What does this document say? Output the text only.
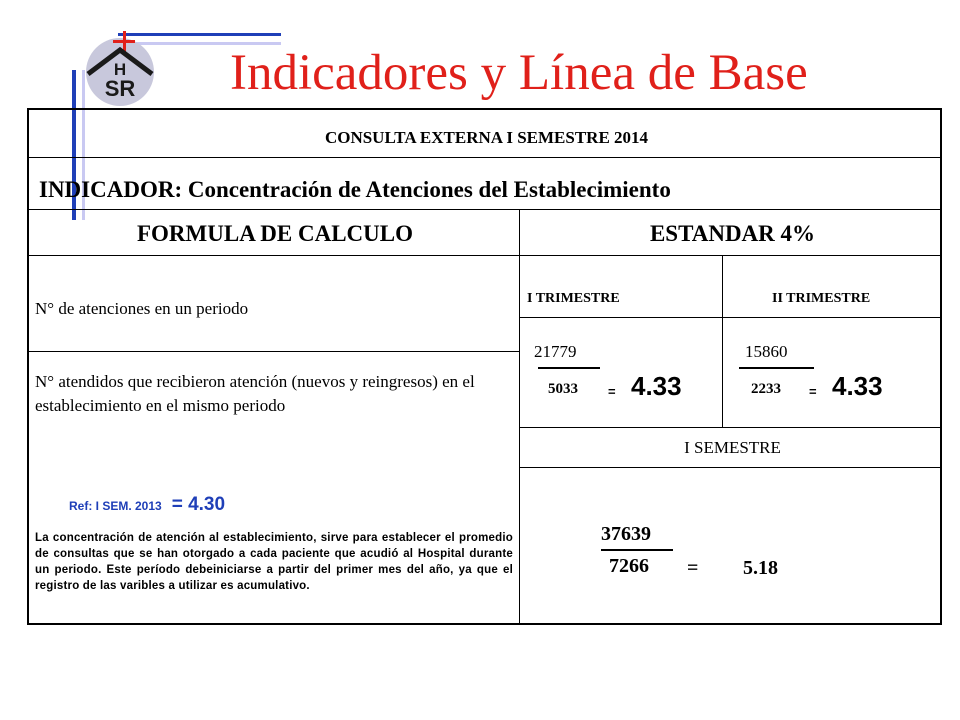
H
SR Indicadores y Línea de Base
CONSULTA EXTERNA I SEMESTRE 2014
INDICADOR: Concentración de Atenciones del Establecimiento
FORMULA DE CALCULO	ESTANDAR 4%
N° de atenciones en un periodo
N° atendidos que recibieron atención (nuevos y reingresos) en el establecimiento en el mismo periodo
Ref: I SEM. 2013 = 4.30
La concentración de atención al establecimiento, sirve para establecer el promedio de consultas que se han otorgado a cada paciente que acudió al Hospital durante un periodo. Este período debeiniciarse a partir del primer mes del año, ya que el registro de las varibles a utilizar es acumulativo.
I TRIMESTRE	II TRIMESTRE
21779
5033 = 4.33
15860
2233 = 4.33
I SEMESTRE
37639
7266 = 5.18
